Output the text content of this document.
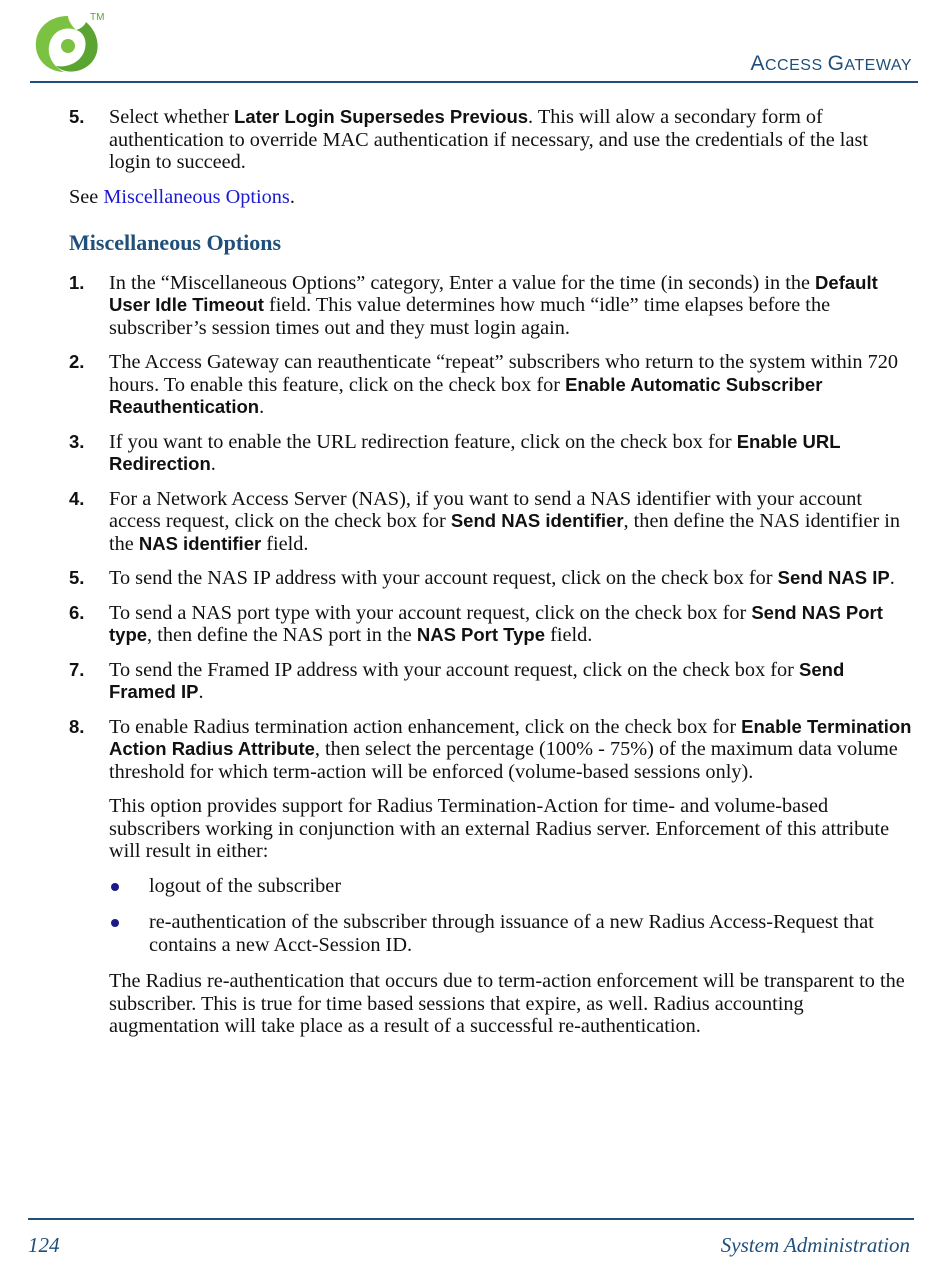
TM
ACCESS GATEWAY
5.	Select whether Later Login Supersedes Previous. This will alow a secondary form of authentication to override MAC authentication if necessary, and use the credentials of the last login to succeed.
See Miscellaneous Options.
Miscellaneous Options
1.	In the “Miscellaneous Options” category, Enter a value for the time (in seconds) in the Default User Idle Timeout field. This value determines how much “idle” time elapses before the subscriber’s session times out and they must login again.
2.	The Access Gateway can reauthenticate “repeat” subscribers who return to the system within 720 hours. To enable this feature, click on the check box for Enable Automatic Subscriber Reauthentication.
3.	If you want to enable the URL redirection feature, click on the check box for Enable URL Redirection.
4.	For a Network Access Server (NAS), if you want to send a NAS identifier with your account access request, click on the check box for Send NAS identifier, then define the NAS identifier in the NAS identifier field.
5.	To send the NAS IP address with your account request, click on the check box for Send NAS IP.
6.	To send a NAS port type with your account request, click on the check box for Send NAS Port type, then define the NAS port in the NAS Port Type field.
7.	To send the Framed IP address with your account request, click on the check box for Send Framed IP.
8.	To enable Radius termination action enhancement, click on the check box for Enable Termination Action Radius Attribute, then select the percentage (100% - 75%) of the maximum data volume threshold for which term-action will be enforced (volume-based sessions only).
This option provides support for Radius Termination-Action for time- and volume-based subscribers working in conjunction with an external Radius server. Enforcement of this attribute will result in either:
logout of the subscriber
re-authentication of the subscriber through issuance of a new Radius Access-Request that contains a new Acct-Session ID.
The Radius re-authentication that occurs due to term-action enforcement will be transparent to the subscriber. This is true for time based sessions that expire, as well. Radius accounting augmentation will take place as a result of a successful re-authentication.
124	System Administration
